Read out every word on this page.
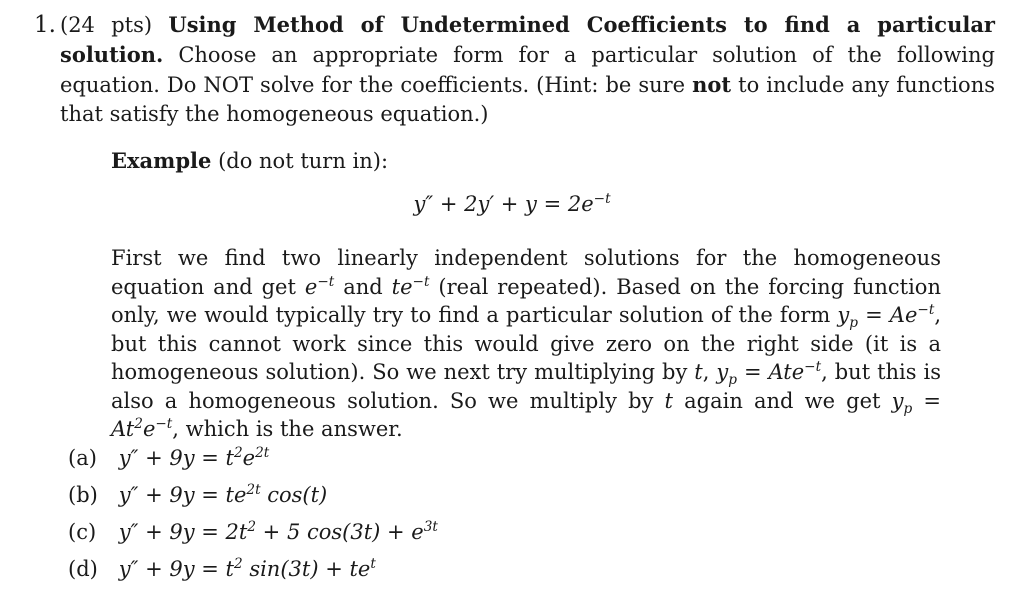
1. (24 pts) Using Method of Undetermined Coefficients to find a particular solution. Choose an appropriate form for a particular solution of the following equation. Do NOT solve for the coefficients. (Hint: be sure not to include any functions that satisfy the homogeneous equation.)
Example (do not turn in):
$y'' + 2y' + y = 2e^{-t}$
First we find two linearly independent solutions for the homogeneous equation and get $e^{-t}$ and $te^{-t}$ (real repeated). Based on the forcing function only, we would typically try to find a particular solution of the form $y_p = Ae^{-t}$, but this cannot work since this would give zero on the right side (it is a homogeneous solution). So we next try multiplying by t, $y_p = Ate^{-t}$, but this is also a homogeneous solution. So we multiply by t again and we get $y_p = At^2e^{-t}$, which is the answer.
(a) $y'' + 9y = t^2e^{2t}$
(b) $y'' + 9y = te^{2t}$ cos(t)
(c) $y'' + 9y = 2t^2 + 5$ $\cos(3t) + e^{3t}$
(d) $y'' + 9y = t^2$ $\sin(3t) + te^t$
